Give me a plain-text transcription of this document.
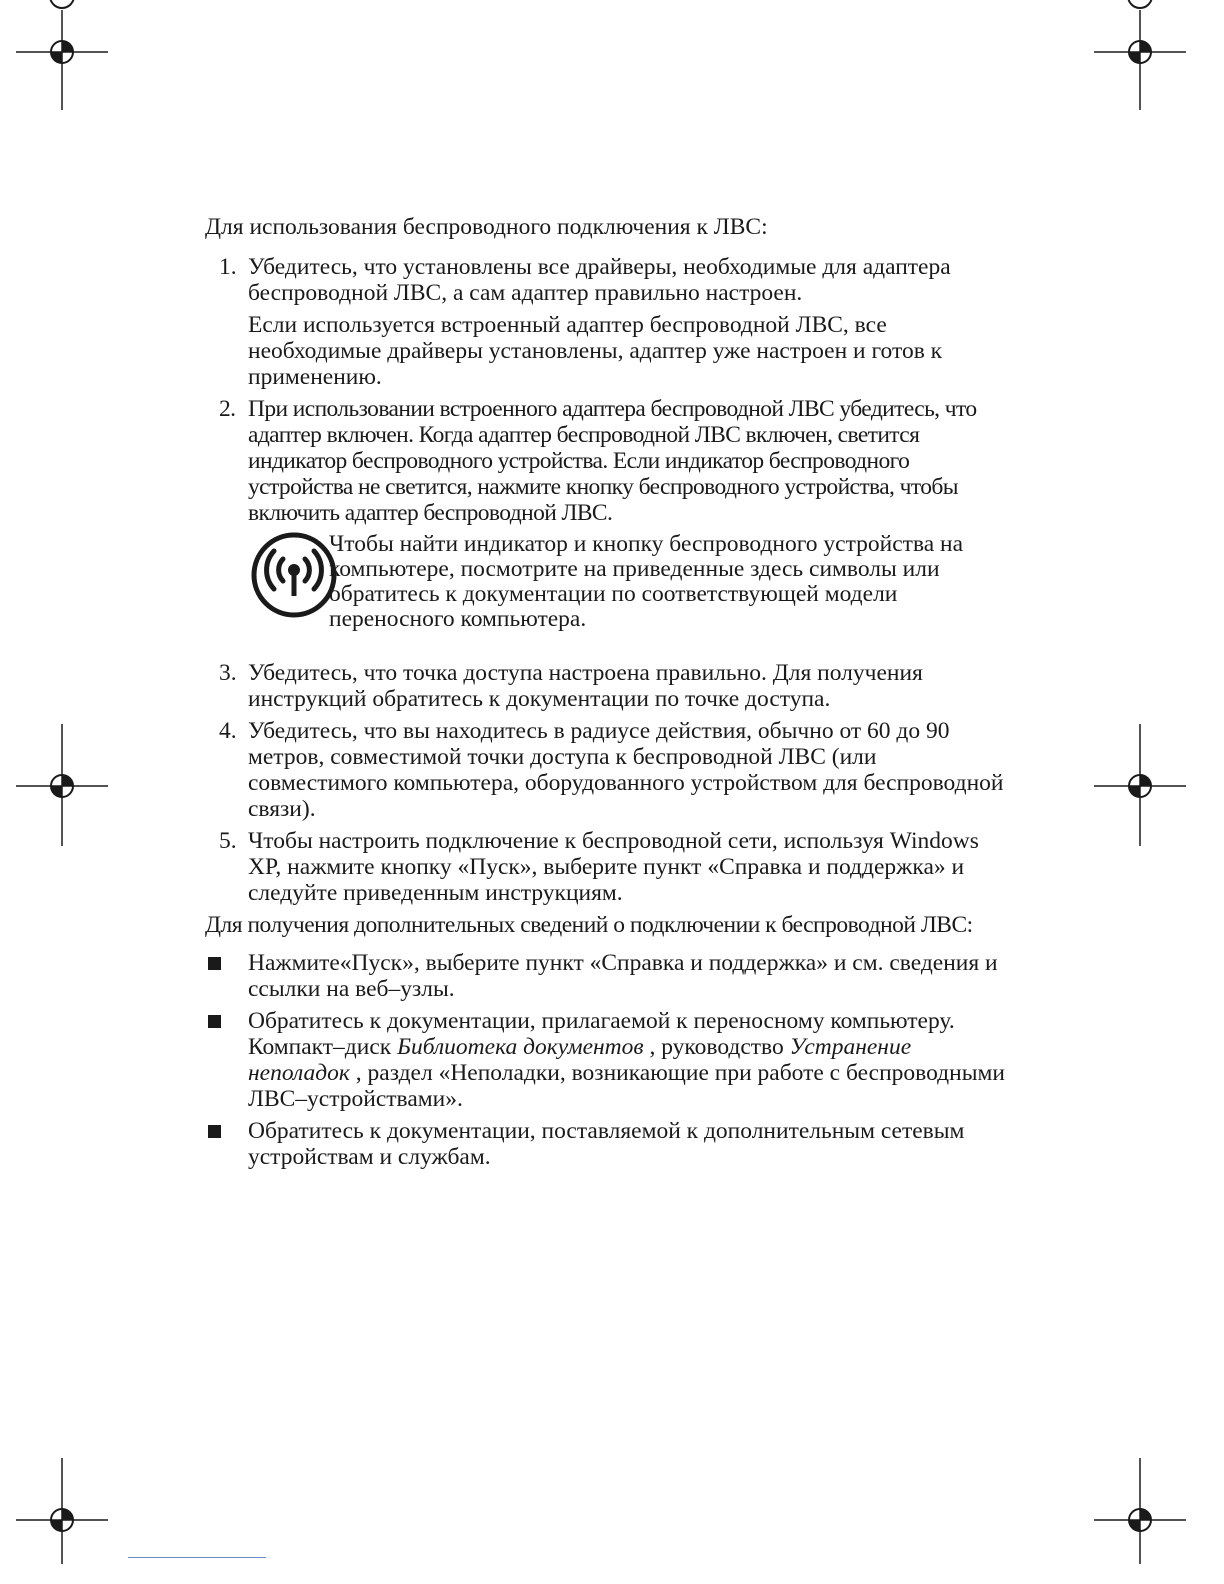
Для использования беспроводного подключения к ЛВС:
1. Убедитесь, что установлены все драйверы, необходимые для адаптера беспроводной ЛВС, а сам адаптер правильно настроен.
Если используется встроенный адаптер беспроводной ЛВС, все необходимые драйверы установлены, адаптер уже настроен и готов к применению.
2. При использовании встроенного адаптера беспроводной ЛВС убедитесь, что адаптер включен. Когда адаптер беспроводной ЛВС включен, светится индикатор беспроводного устройства. Если индикатор беспроводного устройства не светится, нажмите кнопку беспроводного устройства, чтобы включить адаптер беспроводной ЛВС.
Чтобы найти индикатор и кнопку беспроводного устройства на компьютере, посмотрите на приведенные здесь символы или обратитесь к документации по соответствующей модели переносного компьютера.
3. Убедитесь, что точка доступа настроена правильно. Для получения инструкций обратитесь к документации по точке доступа.
4. Убедитесь, что вы находитесь в радиусе действия, обычно от 60 до 90 метров, совместимой точки доступа к беспроводной ЛВС (или совместимого компьютера, оборудованного устройством для беспроводной связи).
5. Чтобы настроить подключение к беспроводной сети, используя Windows XP, нажмите кнопку «Пуск», выберите пункт «Справка и поддержка» и следуйте приведенным инструкциям.
Для получения дополнительных сведений о подключении к беспроводной ЛВС:
Нажмите«Пуск», выберите пункт «Справка и поддержка» и см. сведения и ссылки на веб–узлы.
Обратитесь к документации, прилагаемой к переносному компьютеру. Компакт–диск Библиотека документов , руководство Устранение неполадок , раздел «Неполадки, возникающие при работе с беспроводными ЛВС–устройствами».
Обратитесь к документации, поставляемой к дополнительным сетевым устройствам и службам.
